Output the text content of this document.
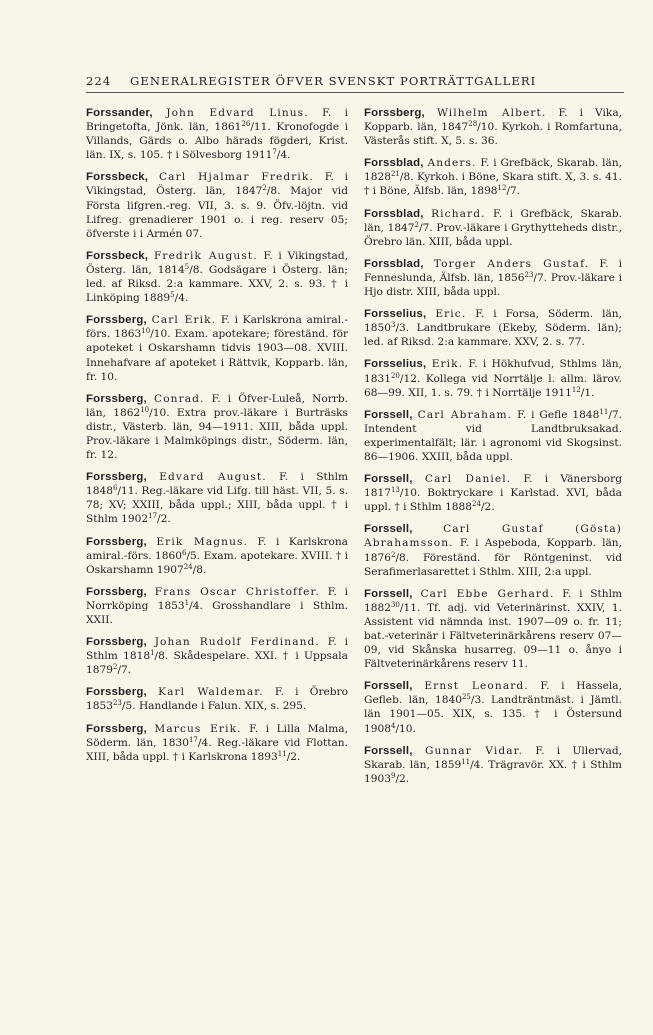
224 GENERALREGISTER ÖFVER SVENSKT PORTRÄTTGALLERI
Forssander, John Edvard Linus. F. i Bringetofta, Jönk. län, 1861$^{26}$/11. Kronofogde i Villands, Gärds o. Albo härads fögderi, Krist. län. IX, s. 105. † i Sölvesborg 1911$^7$/4.
Forssbeck, Carl Hjalmar Fredrik. F. i Vikingstad, Österg. län, 1847$^2$/8. Major vid Första lifgren.-reg. VII, 3. s. 9. Öfv.-löjtn. vid Lifreg. grenadierer 1901 o. i reg. reserv 05; öfverste i i Armén 07.
Forssbeck, Fredrik August. F. i Vikingstad, Österg. län, 1814$^5$/8. Godsägare i Österg. län; led. af Riksd. 2:a kammare. XXV, 2. s. 93. † i Linköping 1889$^5$/4.
Forssberg, Carl Erik. F. i Karlskrona amiral.-förs. 1863$^{10}$/10. Exam. apotekare; föreständ. för apoteket i Oskarshamn tidvis 1903—08. XVIII. Innehafvare af apoteket i Rättvik, Kopparb. län, fr. 10.
Forssberg, Conrad. F. i Öfver-Luleå, Norrb. län, 1862$^{10}$/10. Extra prov.-läkare i Burträsks distr., Västerb. län, 94—1911. XIII, båda uppl. Prov.-läkare i Malmköpings distr., Söderm. län, fr. 12.
Forssberg, Edvard August. F. i Sthlm 1848$^6$/11. Reg.-läkare vid Lifg. till häst. VII, 5. s. 78; XV; XXIII, båda uppl.; XIII, båda uppl. † i Sthlm 1902$^{17}$/2.
Forssberg, Erik Magnus. F. i Karlskrona amiral.-förs. 1860$^6$/5. Exam. apotekare. XVIII. † i Oskarshamn 1907$^{24}$/8.
Forssberg, Frans Oscar Christoffer. F. i Norrköping 1853$^1$/4. Grosshandlare i Sthlm. XXII.
Forssberg, Johan Rudolf Ferdinand. F. i Sthlm 1818$^1$/8. Skådespelare. XXI. † i Uppsala 1879$^2$/7.
Forssberg, Karl Waldemar. F. i Örebro 1853$^{23}$/5. Handlande i Falun. XIX, s. 295.
Forssberg, Marcus Erik. F. i Lilla Malma, Söderm. län, 1830$^{17}$/4. Reg.-läkare vid Flottan. XIII, båda uppl. † i Karlskrona 1893$^{11}$/2.
Forssberg, Wilhelm Albert. F. i Vika, Kopparb. län, 1847$^{28}$/10. Kyrkoh. i Romfartuna, Västerås stift. X, 5. s. 36.
Forssblad, Anders. F. i Grefbäck, Skarab. län, 1828$^{21}$/8. Kyrkoh. i Böne, Skara stift. X, 3. s. 41. † i Böne, Älfsb. län, 1898$^{12}$/7.
Forssblad, Richard. F. i Grefbäck, Skarab. län, 1847$^2$/7. Prov.-läkare i Grythytteheds distr., Örebro län. XIII, båda uppl.
Forssblad, Torger Anders Gustaf. F. i Fenneslunda, Älfsb. län, 1856$^{23}$/7. Prov.-läkare i Hjo distr. XIII, båda uppl.
Forsselius, Eric. F. i Forsa, Söderm. län, 1850$^3$/3. Landtbrukare (Ekeby, Söderm. län); led. af Riksd. 2:a kammare. XXV, 2. s. 77.
Forsselius, Erik. F. i Hökhufvud, Sthlms län, 1831$^{20}$/12. Kollega vid Norrtälje l. allm. lärov. 68—99. XII, 1. s. 79. † i Norrtälje 1911$^{12}$/1.
Forssell, Carl Abraham. F. i Gefle 1848$^{11}$/7. Intendent vid Landtbruksakad. experimentalfält; lär. i agronomi vid Skogsinst. 86—1906. XXIII, båda uppl.
Forssell, Carl Daniel. F. i Vänersborg 1817$^{13}$/10. Boktryckare i Karlstad. XVI, båda uppl. † i Sthlm 1888$^{24}$/2.
Forssell,	Carl Gustaf (Gösta) Abrahamsson. F. i Aspeboda, Kopparb. län, 1876$^2$/8. Föreständ. för Röntgeninst. vid Serafimerlasarettet i Sthlm. XIII, 2:a uppl.
Forssell, Carl Ebbe Gerhard. F. i Sthlm 1882$^{30}$/11. Tf. adj. vid Veterinärinst. XXIV, 1. Assistent vid nämnda inst. 1907—09 o. fr. 11; bat.-veterinär i Fältveterinärkårens reserv 07—09, vid Skånska husarreg. 09—11 o. ånyo i Fältveterinärkårens reserv 11.
Forssell, Ernst Leonard. F. i Hassela, Gefleb. län, 1840$^{25}$/3. Landträntmäst. i Jämtl. län 1901—05. XIX, s. 135. † i Östersund 1908$^4$/10.
Forssell, Gunnar Vidar. F. i Ullervad, Skarab. län, 1859$^{11}$/4. Trägravör. XX. † i Sthlm 1903$^9$/2.
